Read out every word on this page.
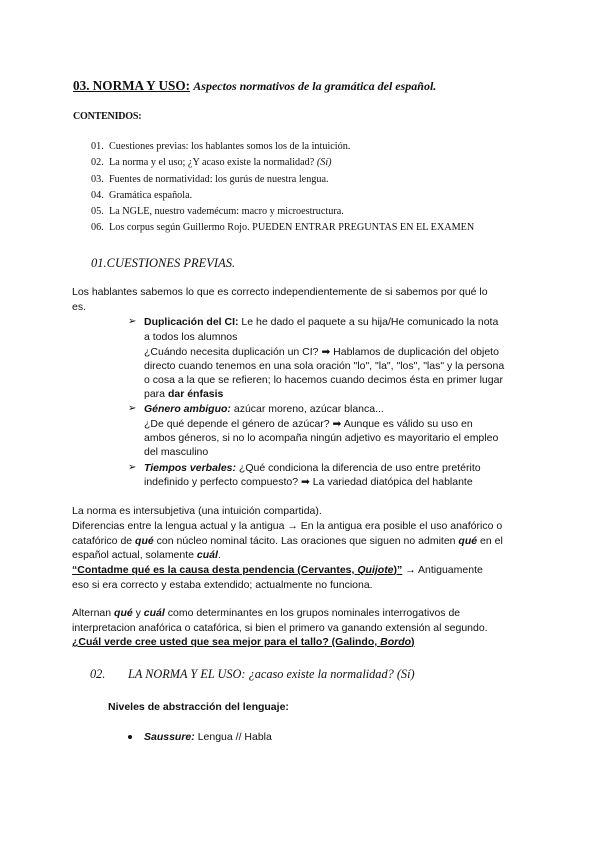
03. NORMA Y USO: Aspectos normativos de la gramática del español.
CONTENIDOS:
01. Cuestiones previas: los hablantes somos los de la intuición.
02. La norma y el uso; ¿Y acaso existe la normalidad? (Sí)
03. Fuentes de normatividad: los gurús de nuestra lengua.
04. Gramática española.
05. La NGLE, nuestro vademécum: macro y microestructura.
06. Los corpus según Guillermo Rojo. PUEDEN ENTRAR PREGUNTAS EN EL EXAMEN
01.CUESTIONES PREVIAS.
Los hablantes sabemos lo que es correcto independientemente de si sabemos por qué lo
es.
➢ Duplicación del CI: Le he dado el paquete a su hija/He comunicado la nota
a todos los alumnos
¿Cuándo necesita duplicación un CI? ➡ Hablamos de duplicación del objeto
directo cuando tenemos en una sola oración "lo", "la", "los", "las" y la persona
o cosa a la que se refieren; lo hacemos cuando decimos ésta en primer lugar
para dar énfasis
➢ Género ambiguo: azúcar moreno, azúcar blanca...
¿De qué depende el género de azúcar? ➡ Aunque es válido su uso en
ambos géneros, si no lo acompaña ningún adjetivo es mayoritario el empleo
del masculino
➢ Tiempos verbales: ¿Qué condiciona la diferencia de uso entre pretérito
indefinido y perfecto compuesto? ➡ La variedad diatópica del hablante
La norma es intersubjetiva (una intuición compartida).
Diferencias entre la lengua actual y la antigua → En la antigua era posible el uso anafórico o
catafórico de qué con núcleo nominal tácito. Las oraciones que siguen no admiten qué en el
español actual, solamente cuál.
“Contadme qué es la causa desta pendencia (Cervantes, Quijote)” → Antiguamente
eso si era correcto y estaba extendido; actualmente no funciona.
Alternan qué y cuál como determinantes en los grupos nominales interrogativos de
interpretacion anafórica o catafórica, si bien el primero va ganando extensión al segundo.
¿Cuál verde cree usted que sea mejor para el tallo? (Galindo, Bordo)
02. LA NORMA Y EL USO: ¿acaso existe la normalidad? (Sí)
Niveles de abstracción del lenguaje:
Saussure: Lengua // Habla
